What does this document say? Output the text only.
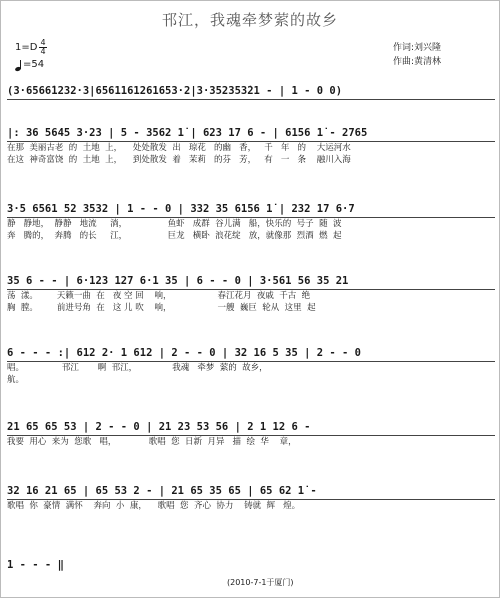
邗江，我魂牵梦萦的故乡
1=D 4
4
=54
作词:刘兴隆
作曲:黄清林
(3·6566̇1232·3|6561161261653·2|3·352353̇21 - | 1 - 0 0)
|: 36 5645 3·23 | 5 - 3562 1̇ | 623 17 6 - | 6156 1̇ - 2765
在那  美丽古老  的  土地  上，    处处散发  出   琼花   的幽   香，   千   年   的    大运河水
在这  神奇富饶  的  土地  上，    到处散发  着   茉莉   的芬   芳，   有   一   条    融川入海
3·5 6561 52 3532 | 1 - - 0 | 332 35 6156 1̇ | 232 17 6·7
静   静地，  静静   地流     淌，               鱼虾   成群  谷儿满   船，快乐的  号子  随  波
奔   腾的，  奔腾   的长     江，               巨龙   横卧  浪花绽   放，就像那  烈酒  燃  起
35 6 - - | 6·123 127 6·1 35 | 6 - - 0 | 3·561 56 35 21
荡  漾。       天籁一曲  在   夜 空 回    响，                 春江花月  夜戚  千古  绝
胸  膛。       前进号角  在   这 儿 吹    响，                 一艘  巍巨  轮从  这里  起
6 - - - :| 612 2· 1 612 | 2 - - 0 | 32 16 5 35 | 2 - - 0
唱。              邗江       啊  邗江，             我魂   牵梦  萦的  故乡，
航。
21 65 65 53 | 2 - - 0 | 21 23 53 56 | 2 1 12 6 -
我要  用心  来为  您歌   唱，            歌唱  您  日新  月异   描  绘  华    章，
32 16 21 65 | 65 53 2 - | 21 65 35 65 | 65 62 1̇ -
歌唱  你  豪情  满怀    奔向  小  康，    歌唱  您  齐心  协力    铸就  辉   煌。
1 - - - ‖
(2010-7-1于厦门)
